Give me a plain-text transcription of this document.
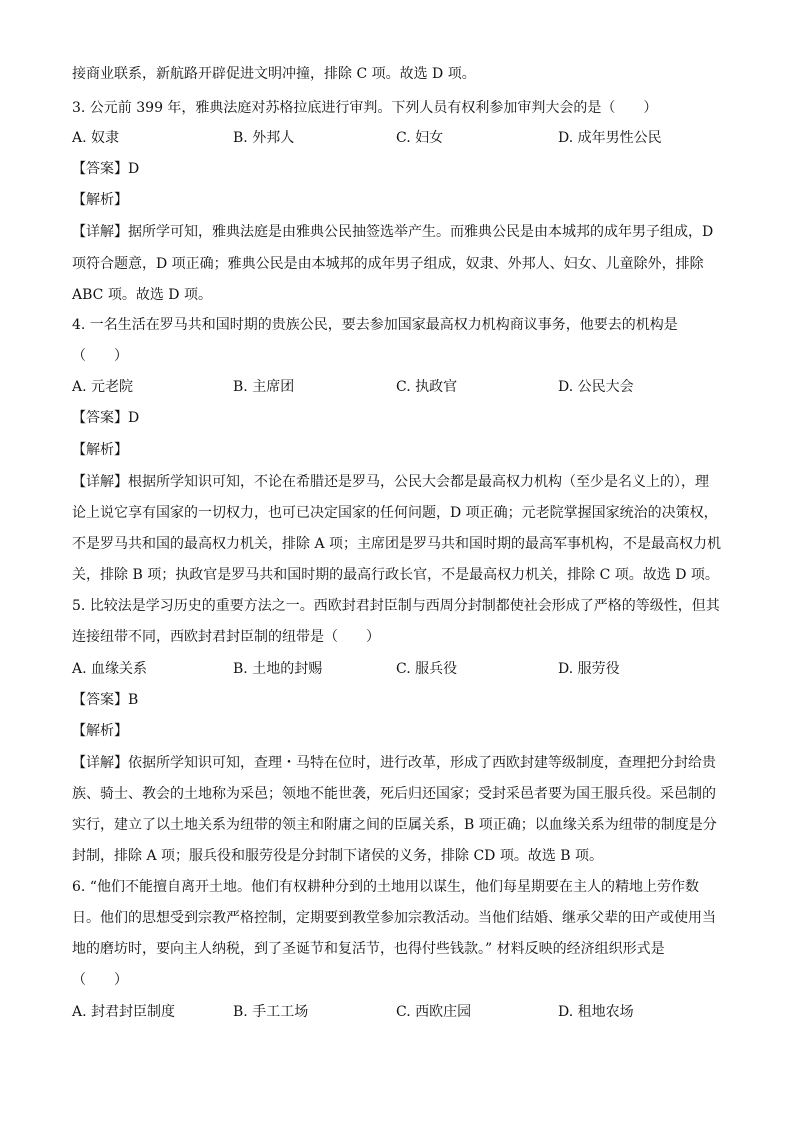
接商业联系，新航路开辟促进文明冲撞，排除 C 项。故选 D 项。
3. 公元前 399 年，雅典法庭对苏格拉底进行审判。下列人员有权利参加审判大会的是（　　）
A. 奴隶	B. 外邦人	C. 妇女	D. 成年男性公民
【答案】D
【解析】
【详解】据所学可知，雅典法庭是由雅典公民抽签选举产生。而雅典公民是由本城邦的成年男子组成，D
项符合题意，D 项正确；雅典公民是由本城邦的成年男子组成，奴隶、外邦人、妇女、儿童除外，排除
ABC 项。故选 D 项。
4. 一名生活在罗马共和国时期的贵族公民，要去参加国家最高权力机构商议事务，他要去的机构是
（　　）
A. 元老院	B. 主席团	C. 执政官	D. 公民大会
【答案】D
【解析】
【详解】根据所学知识可知，不论在希腊还是罗马，公民大会都是最高权力机构（至少是名义上的），理
论上说它享有国家的一切权力，也可已决定国家的任何问题，D 项正确；元老院掌握国家统治的决策权，
不是罗马共和国的最高权力机关，排除 A 项；主席团是罗马共和国时期的最高军事机构，不是最高权力机
关，排除 B 项；执政官是罗马共和国时期的最高行政长官，不是最高权力机关，排除 C 项。故选 D 项。
5. 比较法是学习历史的重要方法之一。西欧封君封臣制与西周分封制都使社会形成了严格的等级性，但其
连接纽带不同，西欧封君封臣制的纽带是（　　）
A. 血缘关系	B. 土地的封赐	C. 服兵役	D. 服劳役
【答案】B
【解析】
【详解】依据所学知识可知，查理・马特在位时，进行改革，形成了西欧封建等级制度，查理把分封给贵
族、骑士、教会的土地称为采邑；领地不能世袭，死后归还国家；受封采邑者要为国王服兵役。采邑制的
实行，建立了以土地关系为纽带的领主和附庸之间的臣属关系，B 项正确；以血缘关系为纽带的制度是分
封制，排除 A 项；服兵役和服劳役是分封制下诸侯的义务，排除 CD 项。故选 B 项。
6. “他们不能擅自离开土地。他们有权耕种分到的土地用以谋生，他们每星期要在主人的精地上劳作数
日。他们的思想受到宗教严格控制，定期要到教堂参加宗教活动。当他们结婚、继承父辈的田产或使用当
地的磨坊时，要向主人纳税，到了圣诞节和复活节，也得付些钱款。” 材料反映的经济组织形式是
（　　）
A. 封君封臣制度	B. 手工工场	C. 西欧庄园	D. 租地农场
